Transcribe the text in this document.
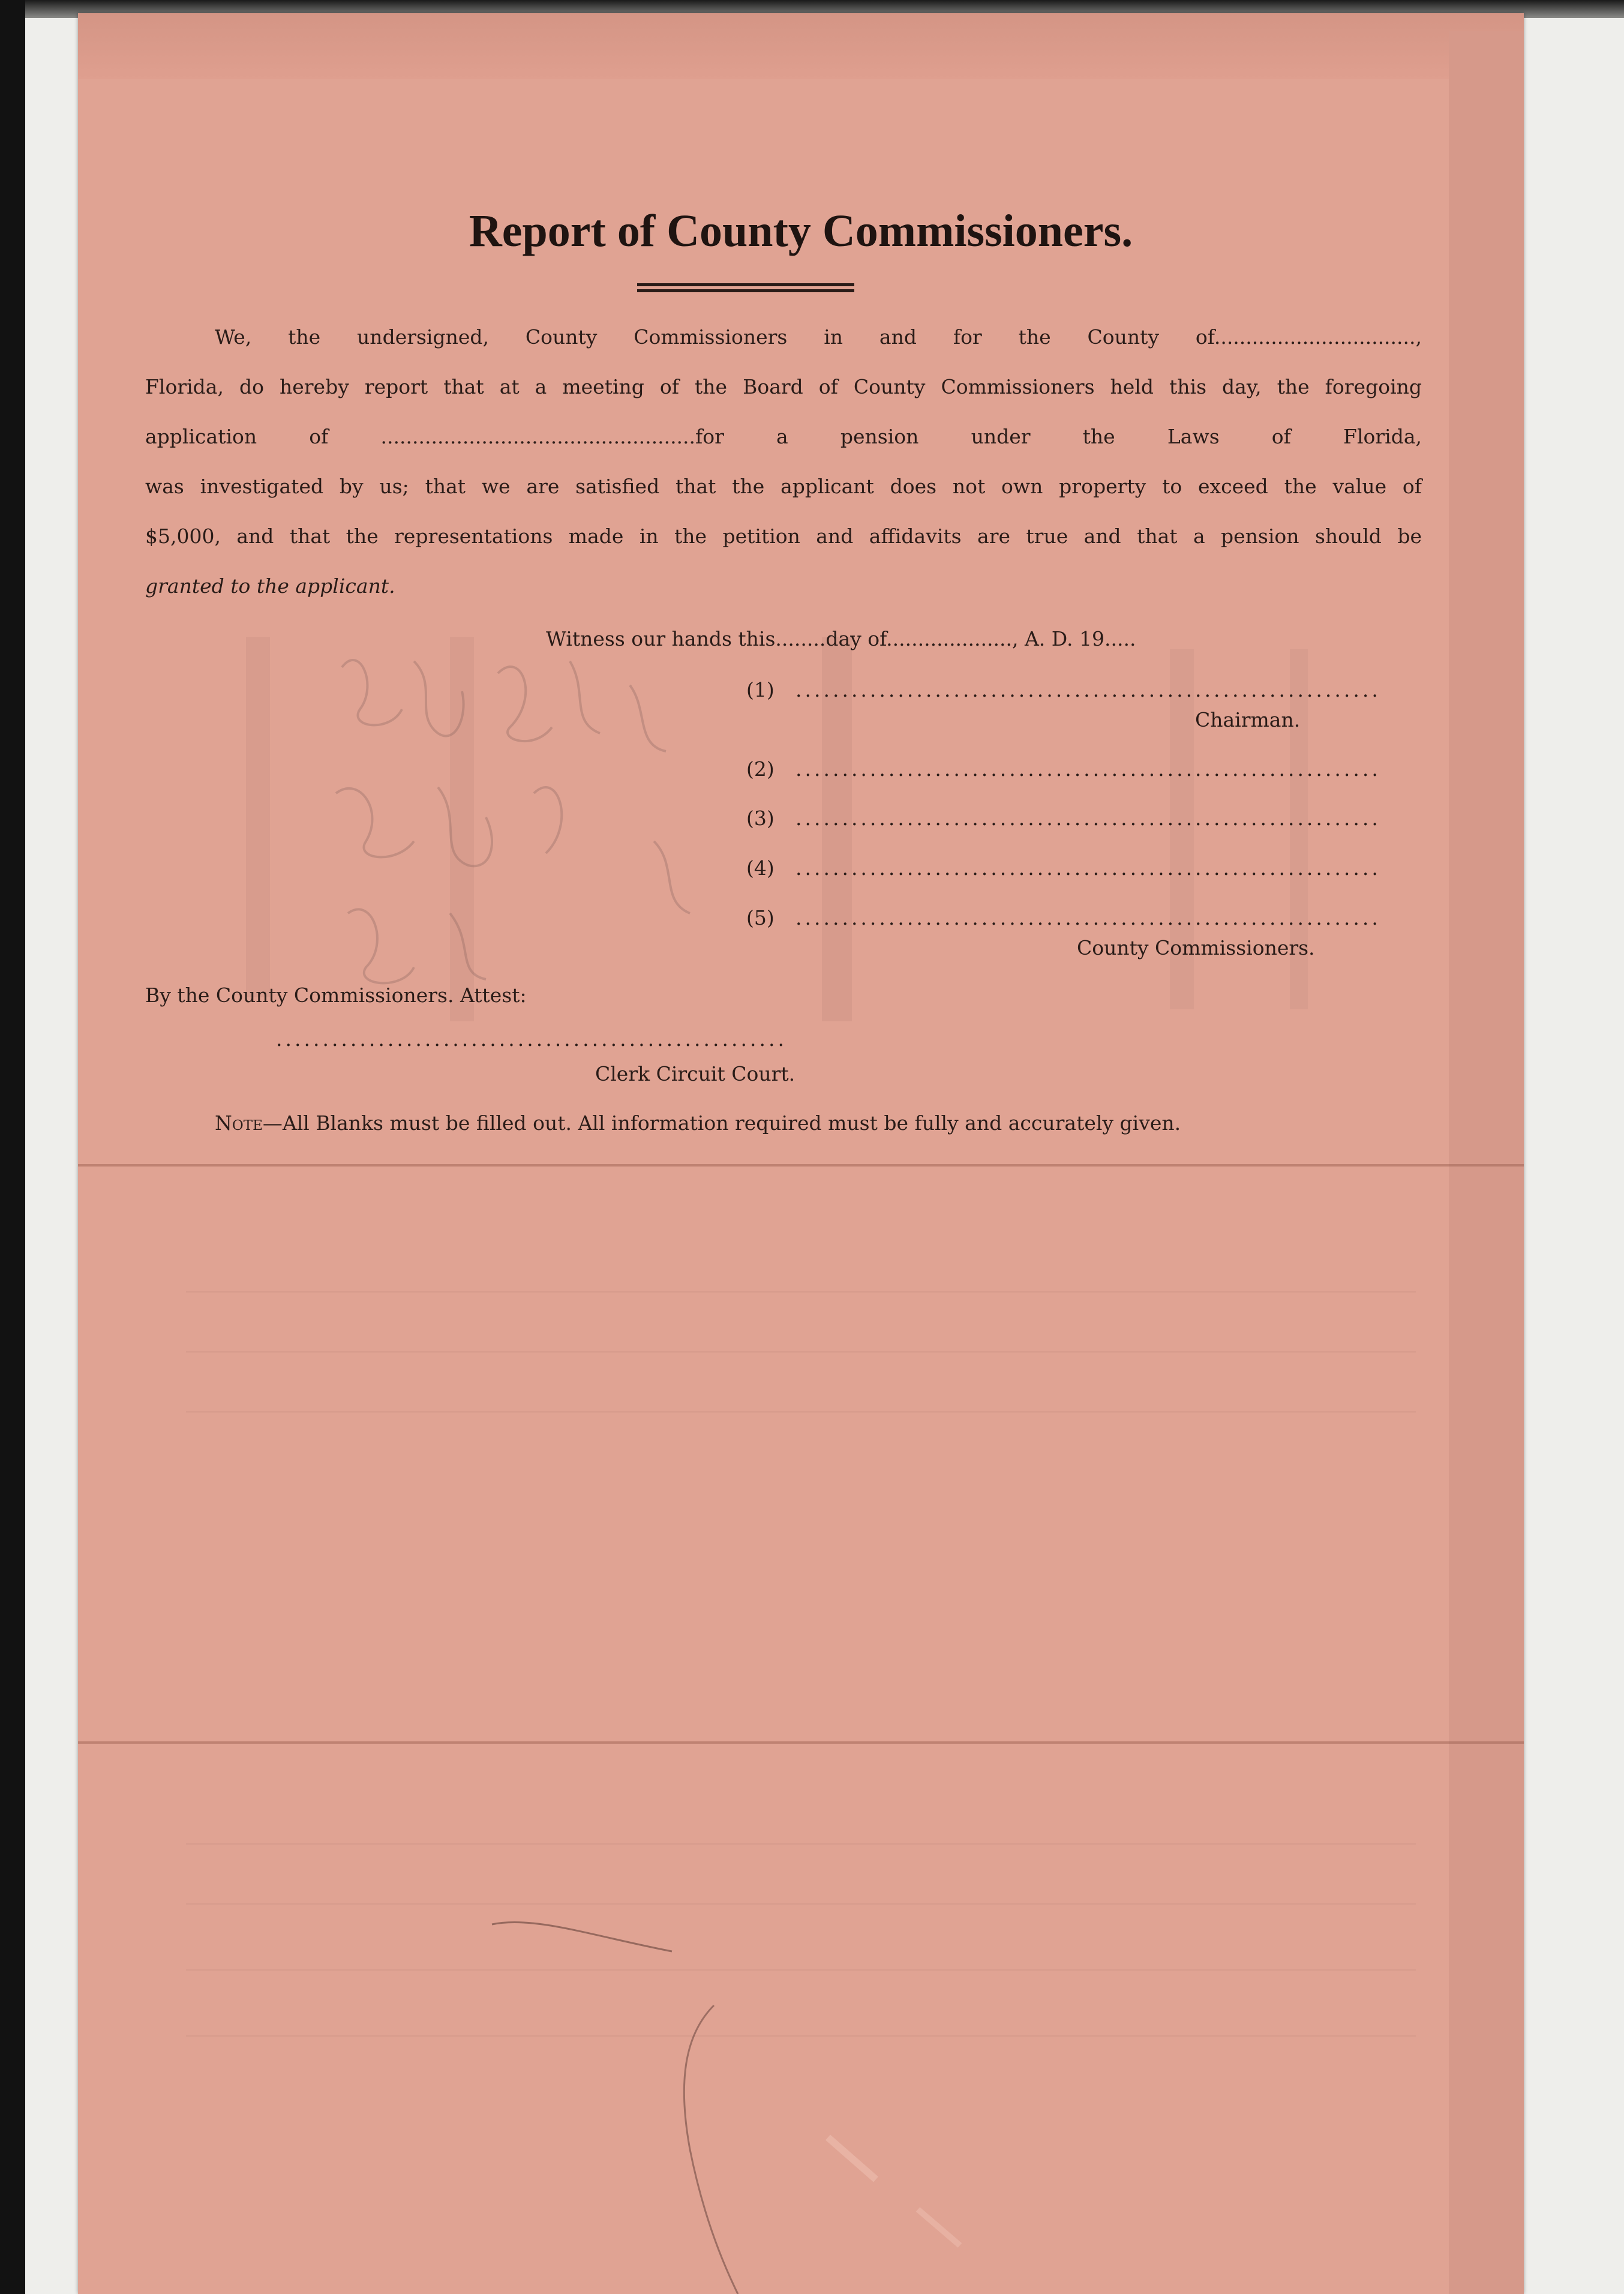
Report of County Commissioners.
We, the undersigned, County Commissioners in and for the County of................................,
Florida, do hereby report that at a meeting of the Board of County Commissioners held this day, the foregoing
application of ..................................................for a pension under the Laws of Florida,
was investigated by us; that we are satisfied that the applicant does not own property to exceed the value of
$5,000, and that the representations made in the petition and affidavits are true and that a pension should be
granted to the applicant.
Witness our hands this........day of...................., A. D. 19.....
(1) ...............................................................
Chairman.
(2) ...............................................................
(3) ...............................................................
(4) ...............................................................
(5) ...............................................................
County Commissioners.
By the County Commissioners. Attest:
.......................................................
Clerk Circuit Court.
Note—All Blanks must be filled out. All information required must be fully and accurately given.
